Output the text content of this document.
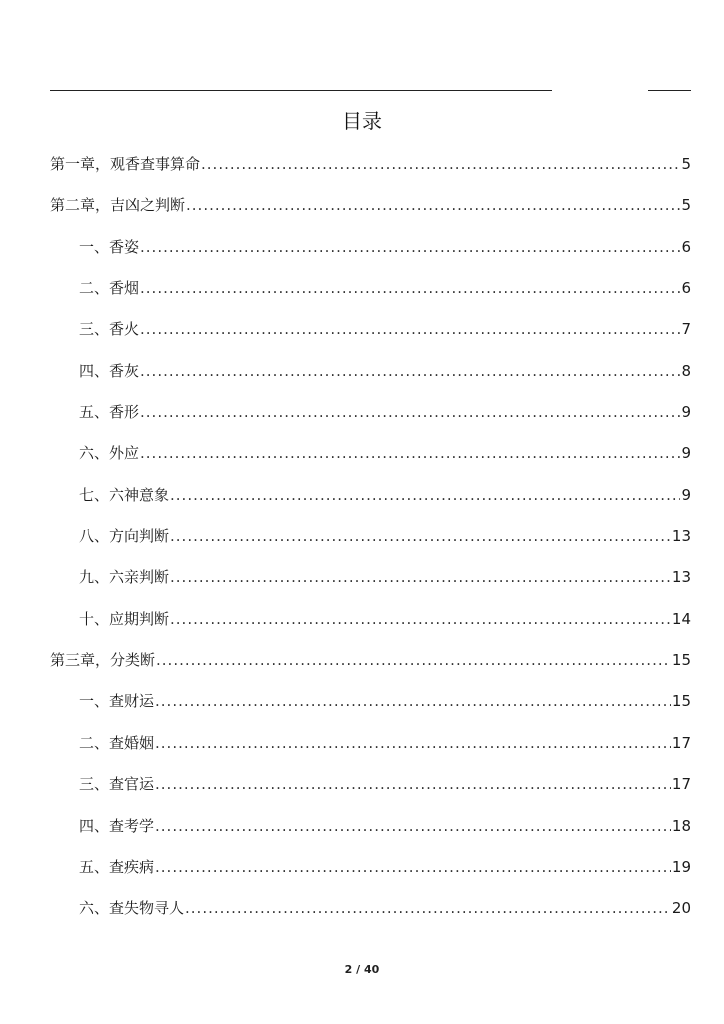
目录
第一章，观香查事算命 .....	5
第二章，吉凶之判断 .....	5
一、香姿 .....	6
二、香烟 .....	6
三、香火 .....	7
四、香灰 .....	8
五、香形 .....	9
六、外应 .....	9
七、六神意象 .....	9
八、方向判断 .....	13
九、六亲判断 .....	13
十、应期判断 .....	14
第三章，分类断 .....	15
一、查财运 .....	15
二、查婚姻 .....	17
三、查官运 .....	17
四、查考学 .....	18
五、查疾病 .....	19
六、查失物寻人 .....	20
2 / 40
